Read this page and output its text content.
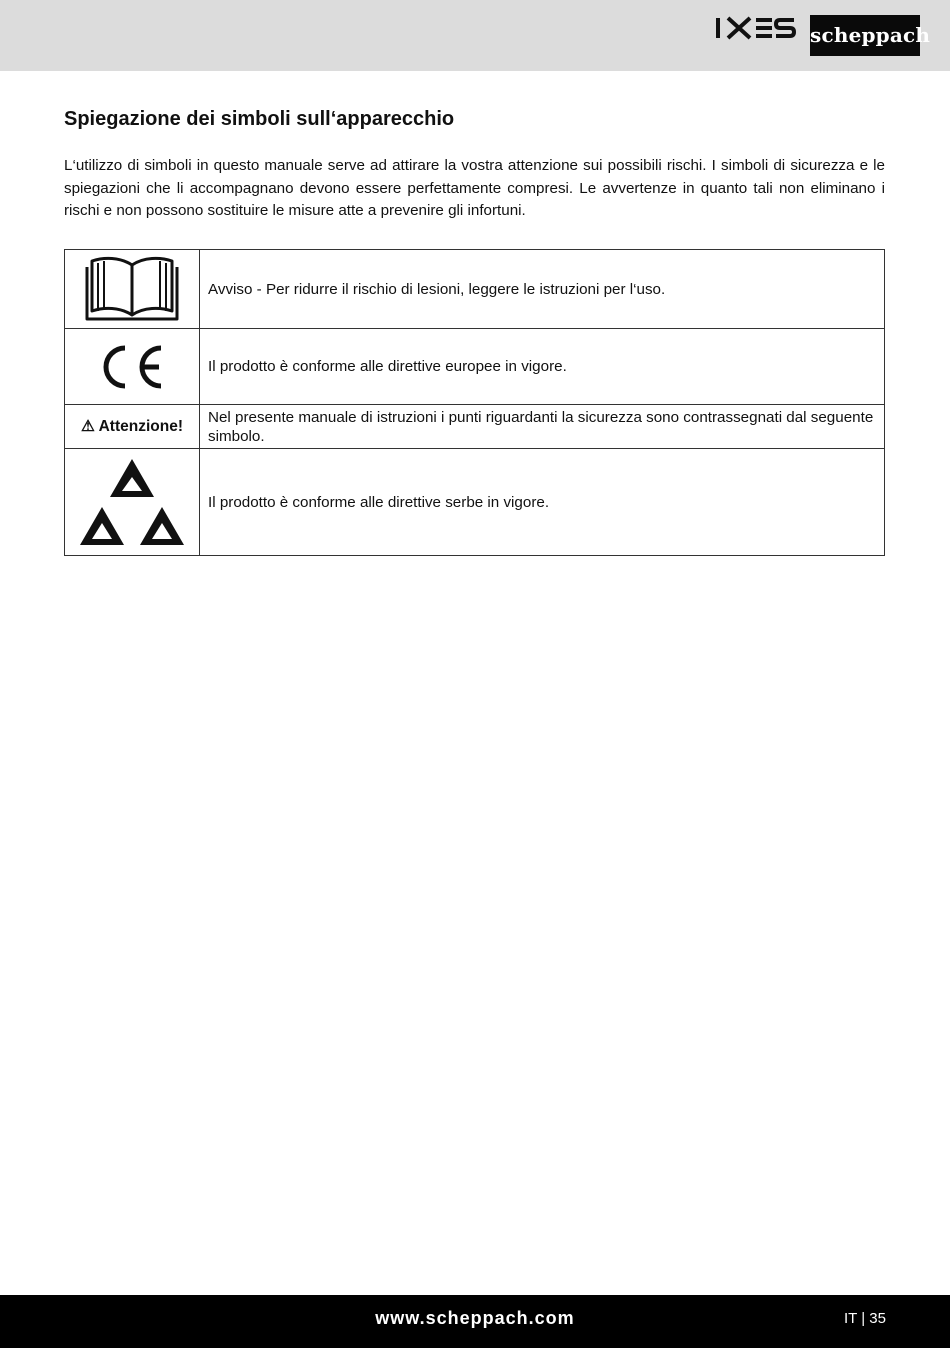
scheppach
Spiegazione dei simboli sull‘apparecchio

L‘utilizzo di simboli in questo manuale serve ad attirare la vostra attenzione sui possibili rischi. I simboli di sicurezza e le spiegazioni che li accompagnano devono essere perfettamente compresi. Le avvertenze in quanto tali non eliminano i rischi e non possono sostituire le misure atte a prevenire gli infortuni.

	Avviso - Per ridurre il rischio di lesioni, leggere le istruzioni per l‘uso.

	Il prodotto è conforme alle direttive europee in vigore.
⚠ Attenzione!	Nel presente manuale di istruzioni i punti riguardanti la sicurezza sono contrassegnati dal seguente simbolo.

	Il prodotto è conforme alle direttive serbe in vigore.
www.scheppach.com	IT | 35
